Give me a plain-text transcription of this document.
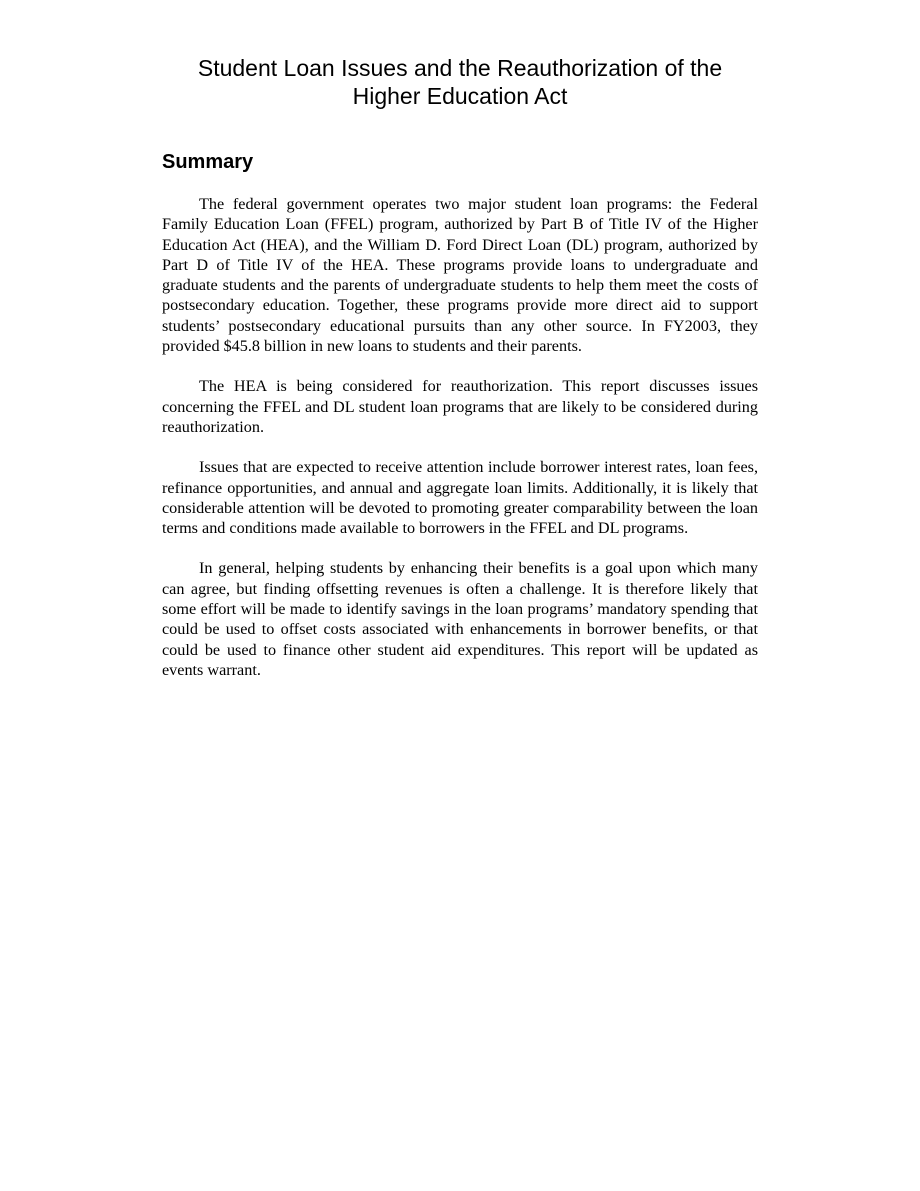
Student Loan Issues and the Reauthorization of the
Higher Education Act
Summary

The federal government operates two major student loan programs: the Federal Family Education Loan (FFEL) program, authorized by Part B of Title IV of the Higher Education Act (HEA), and the William D. Ford Direct Loan (DL) program, authorized by Part D of Title IV of the HEA. These programs provide loans to undergraduate and graduate students and the parents of undergraduate students to help them meet the costs of postsecondary education. Together, these programs provide more direct aid to support students’ postsecondary educational pursuits than any other source. In FY2003, they provided $45.8 billion in new loans to students and their parents.

The HEA is being considered for reauthorization. This report discusses issues concerning the FFEL and DL student loan programs that are likely to be considered during reauthorization.

Issues that are expected to receive attention include borrower interest rates, loan fees, refinance opportunities, and annual and aggregate loan limits. Additionally, it is likely that considerable attention will be devoted to promoting greater comparability between the loan terms and conditions made available to borrowers in the FFEL and DL programs.

In general, helping students by enhancing their benefits is a goal upon which many can agree, but finding offsetting revenues is often a challenge. It is therefore likely that some effort will be made to identify savings in the loan programs’ mandatory spending that could be used to offset costs associated with enhancements in borrower benefits, or that could be used to finance other student aid expenditures. This report will be updated as events warrant.
